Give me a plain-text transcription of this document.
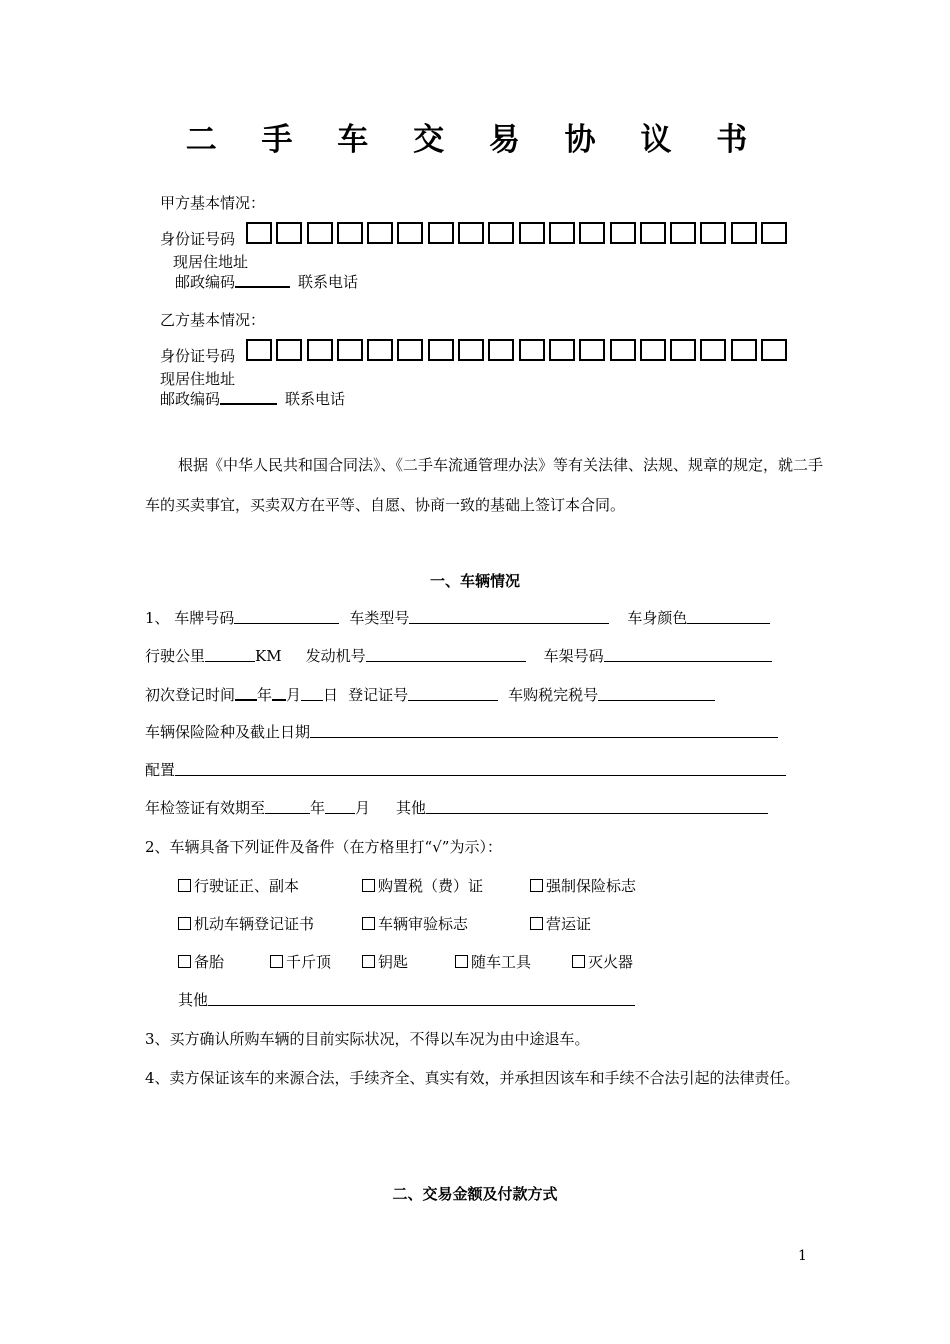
二 手 车 交 易 协 议 书
甲方基本情况：
身份证号码
现居住地址
邮政编码	联系电话
乙方基本情况：
身份证号码
现居住地址
邮政编码	联系电话
根据《中华人民共和国合同法》、《二手车流通管理办法》等有关法律、法规、规章的规定，就二手车的买卖事宜，买卖双方在平等、自愿、协商一致的基础上签订本合同。
一、车辆情况
1、 车牌号码	车类型号	车身颜色
行驶公里	KM 发动机号	车架号码
初次登记时间 年 月 日 登记证号	车购税完税号
车辆保险险种及截止日期
配置
年检签证有效期至	年 月 其他
2、车辆具备下列证件及备件（在方格里打“√”为示）：
行驶证正、副本	购置税（费）证	强制保险标志
机动车辆登记证书	车辆审验标志	营运证
备胎	千斤顶	钥匙	随车工具	灭火器
其他
3、买方确认所购车辆的目前实际状况，不得以车况为由中途退车。
4、卖方保证该车的来源合法，手续齐全、真实有效，并承担因该车和手续不合法引起的法律责任。
二、交易金额及付款方式
1
